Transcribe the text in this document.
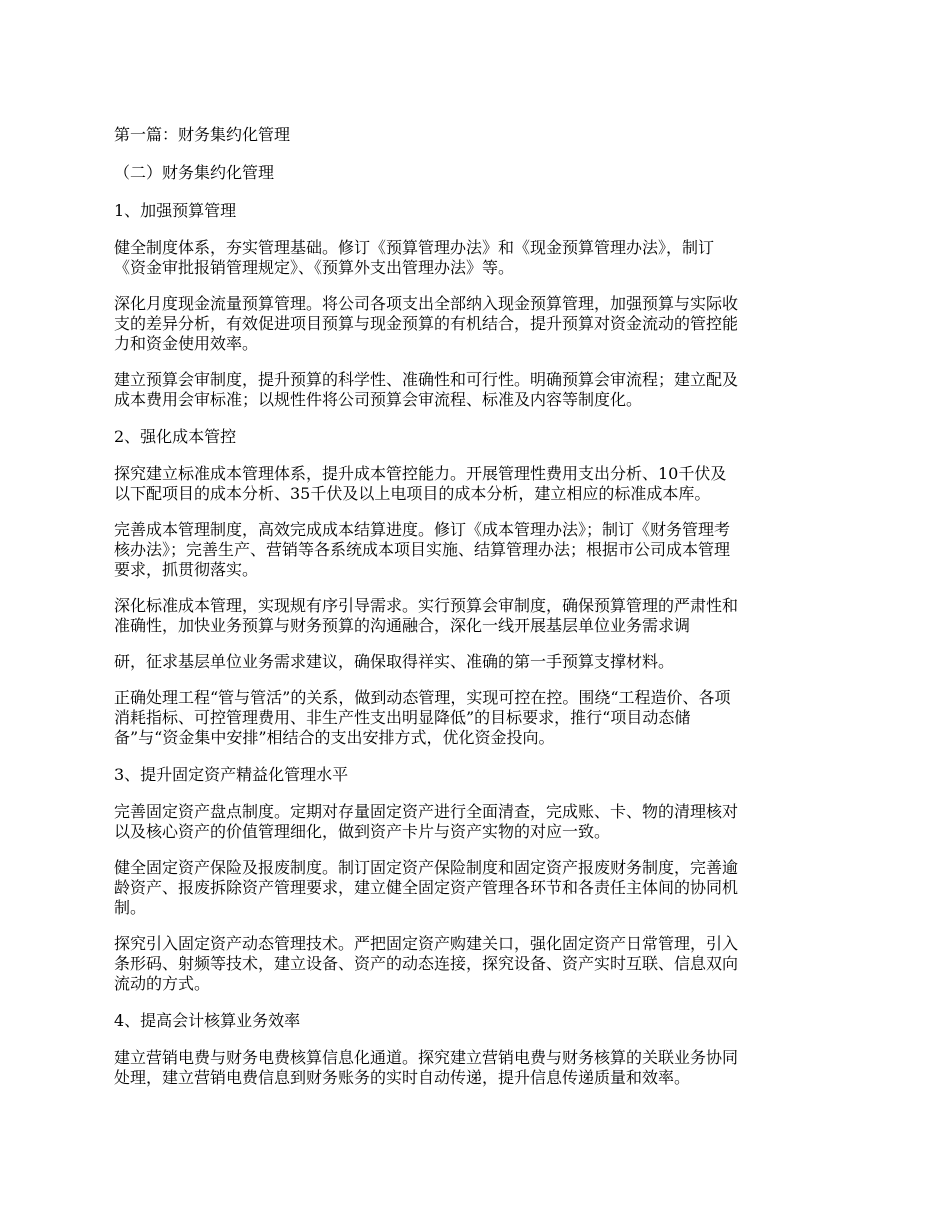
第一篇：财务集约化管理
（二）财务集约化管理
1、加强预算管理
健全制度体系，夯实管理基础。修订《预算管理办法》和《现金预算管理办法》，制订
《资金审批报销管理规定》、《预算外支出管理办法》等。
深化月度现金流量预算管理。将公司各项支出全部纳入现金预算管理，加强预算与实际收
支的差异分析，有效促进项目预算与现金预算的有机结合，提升预算对资金流动的管控能
力和资金使用效率。
建立预算会审制度，提升预算的科学性、准确性和可行性。明确预算会审流程；建立配及
成本费用会审标准；以规性件将公司预算会审流程、标准及内容等制度化。
2、强化成本管控
探究建立标准成本管理体系，提升成本管控能力。开展管理性费用支出分析、10千伏及
以下配项目的成本分析、35千伏及以上电项目的成本分析，建立相应的标准成本库。
完善成本管理制度，高效完成成本结算进度。修订《成本管理办法》；制订《财务管理考
核办法》；完善生产、营销等各系统成本项目实施、结算管理办法；根据市公司成本管理
要求，抓贯彻落实。
深化标准成本管理，实现规有序引导需求。实行预算会审制度，确保预算管理的严肃性和
准确性，加快业务预算与财务预算的沟通融合，深化一线开展基层单位业务需求调
研，征求基层单位业务需求建议，确保取得祥实、准确的第一手预算支撑材料。
正确处理工程“管与管活”的关系，做到动态管理，实现可控在控。围绕“工程造价、各项
消耗指标、可控管理费用、非生产性支出明显降低”的目标要求，推行“项目动态储
备”与“资金集中安排”相结合的支出安排方式，优化资金投向。
3、提升固定资产精益化管理水平
完善固定资产盘点制度。定期对存量固定资产进行全面清查，完成账、卡、物的清理核对
以及核心资产的价值管理细化，做到资产卡片与资产实物的对应一致。
健全固定资产保险及报废制度。制订固定资产保险制度和固定资产报废财务制度，完善逾
龄资产、报废拆除资产管理要求，建立健全固定资产管理各环节和各责任主体间的协同机
制。
探究引入固定资产动态管理技术。严把固定资产购建关口，强化固定资产日常管理，引入
条形码、射频等技术，建立设备、资产的动态连接，探究设备、资产实时互联、信息双向
流动的方式。
4、提高会计核算业务效率
建立营销电费与财务电费核算信息化通道。探究建立营销电费与财务核算的关联业务协同
处理，建立营销电费信息到财务账务的实时自动传递，提升信息传递质量和效率。
